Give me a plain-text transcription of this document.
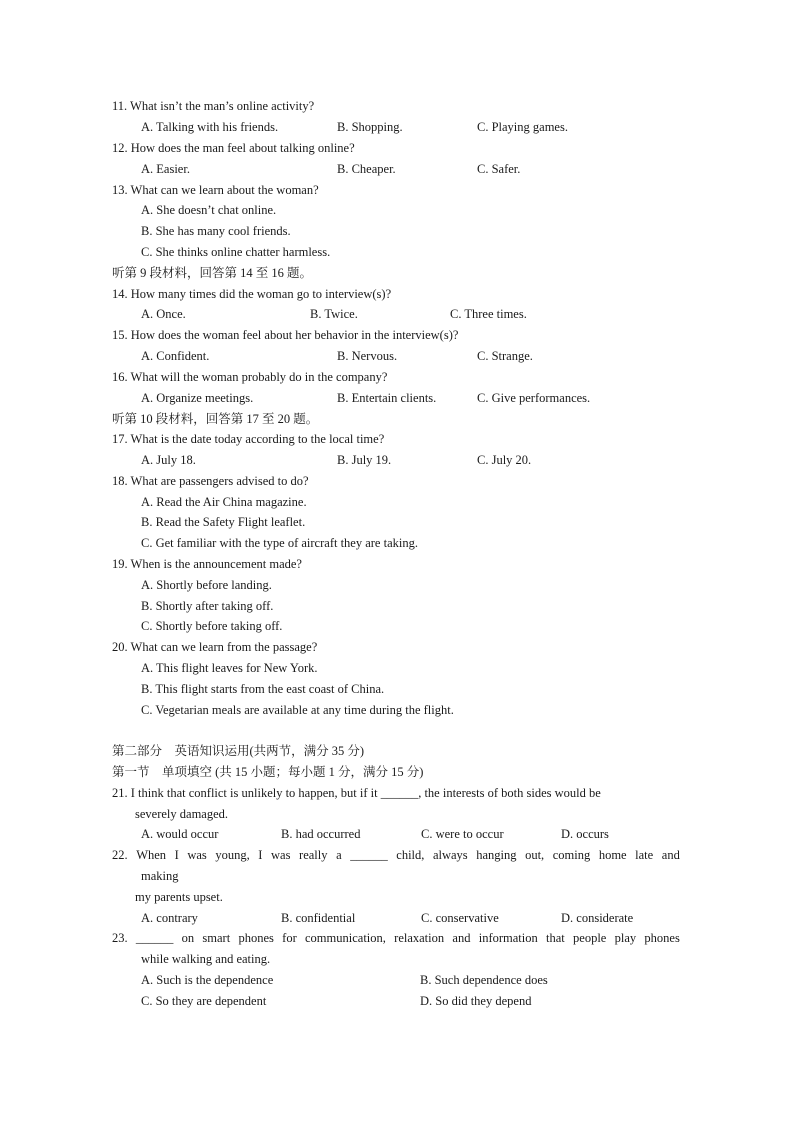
11. What isn’t the man’s online activity?
A. Talking with his friends.	B. Shopping.	C. Playing games.
12. How does the man feel about talking online?
A. Easier.	B. Cheaper.	C. Safer.
13. What can we learn about the woman?
A. She doesn’t chat online.
B. She has many cool friends.
C. She thinks online chatter harmless.
听第 9 段材料，回答第 14 至 16 题。
14. How many times did the woman go to interview(s)?
A. Once.	B. Twice.	C. Three times.
15. How does the woman feel about her behavior in the interview(s)?
A. Confident.	B. Nervous.	C. Strange.
16. What will the woman probably do in the company?
A. Organize meetings.	B. Entertain clients.	C. Give performances.
听第 10 段材料，回答第 17 至 20 题。
17. What is the date today according to the local time?
A. July 18.	B. July 19.	C. July 20.
18. What are passengers advised to do?
A. Read the Air China magazine.
B. Read the Safety Flight leaflet.
C. Get familiar with the type of aircraft they are taking.
19. When is the announcement made?
A. Shortly before landing.
B. Shortly after taking off.
C. Shortly before taking off.
20. What can we learn from the passage?
A. This flight leaves for New York.
B. This flight starts from the east coast of China.
C. Vegetarian meals are available at any time during the flight.
第二部分　英语知识运用(共两节，满分 35 分)
第一节　单项填空 (共 15 小题；每小题 1 分，满分 15 分)
21. I think that conflict is unlikely to happen, but if it ______, the interests of both sides would be
severely damaged.
A. would occur	B. had occurred	C. were to occur	D. occurs
22. When I was young, I was really a ______ child, always hanging out, coming home late and
making
my parents upset.
A. contrary	B. confidential	C. conservative	D. considerate
23. ______ on smart phones for communication, relaxation and information that people play phones
while walking and eating.
A. Such is the dependence	B. Such dependence does
C. So they are dependent	D. So did they depend
